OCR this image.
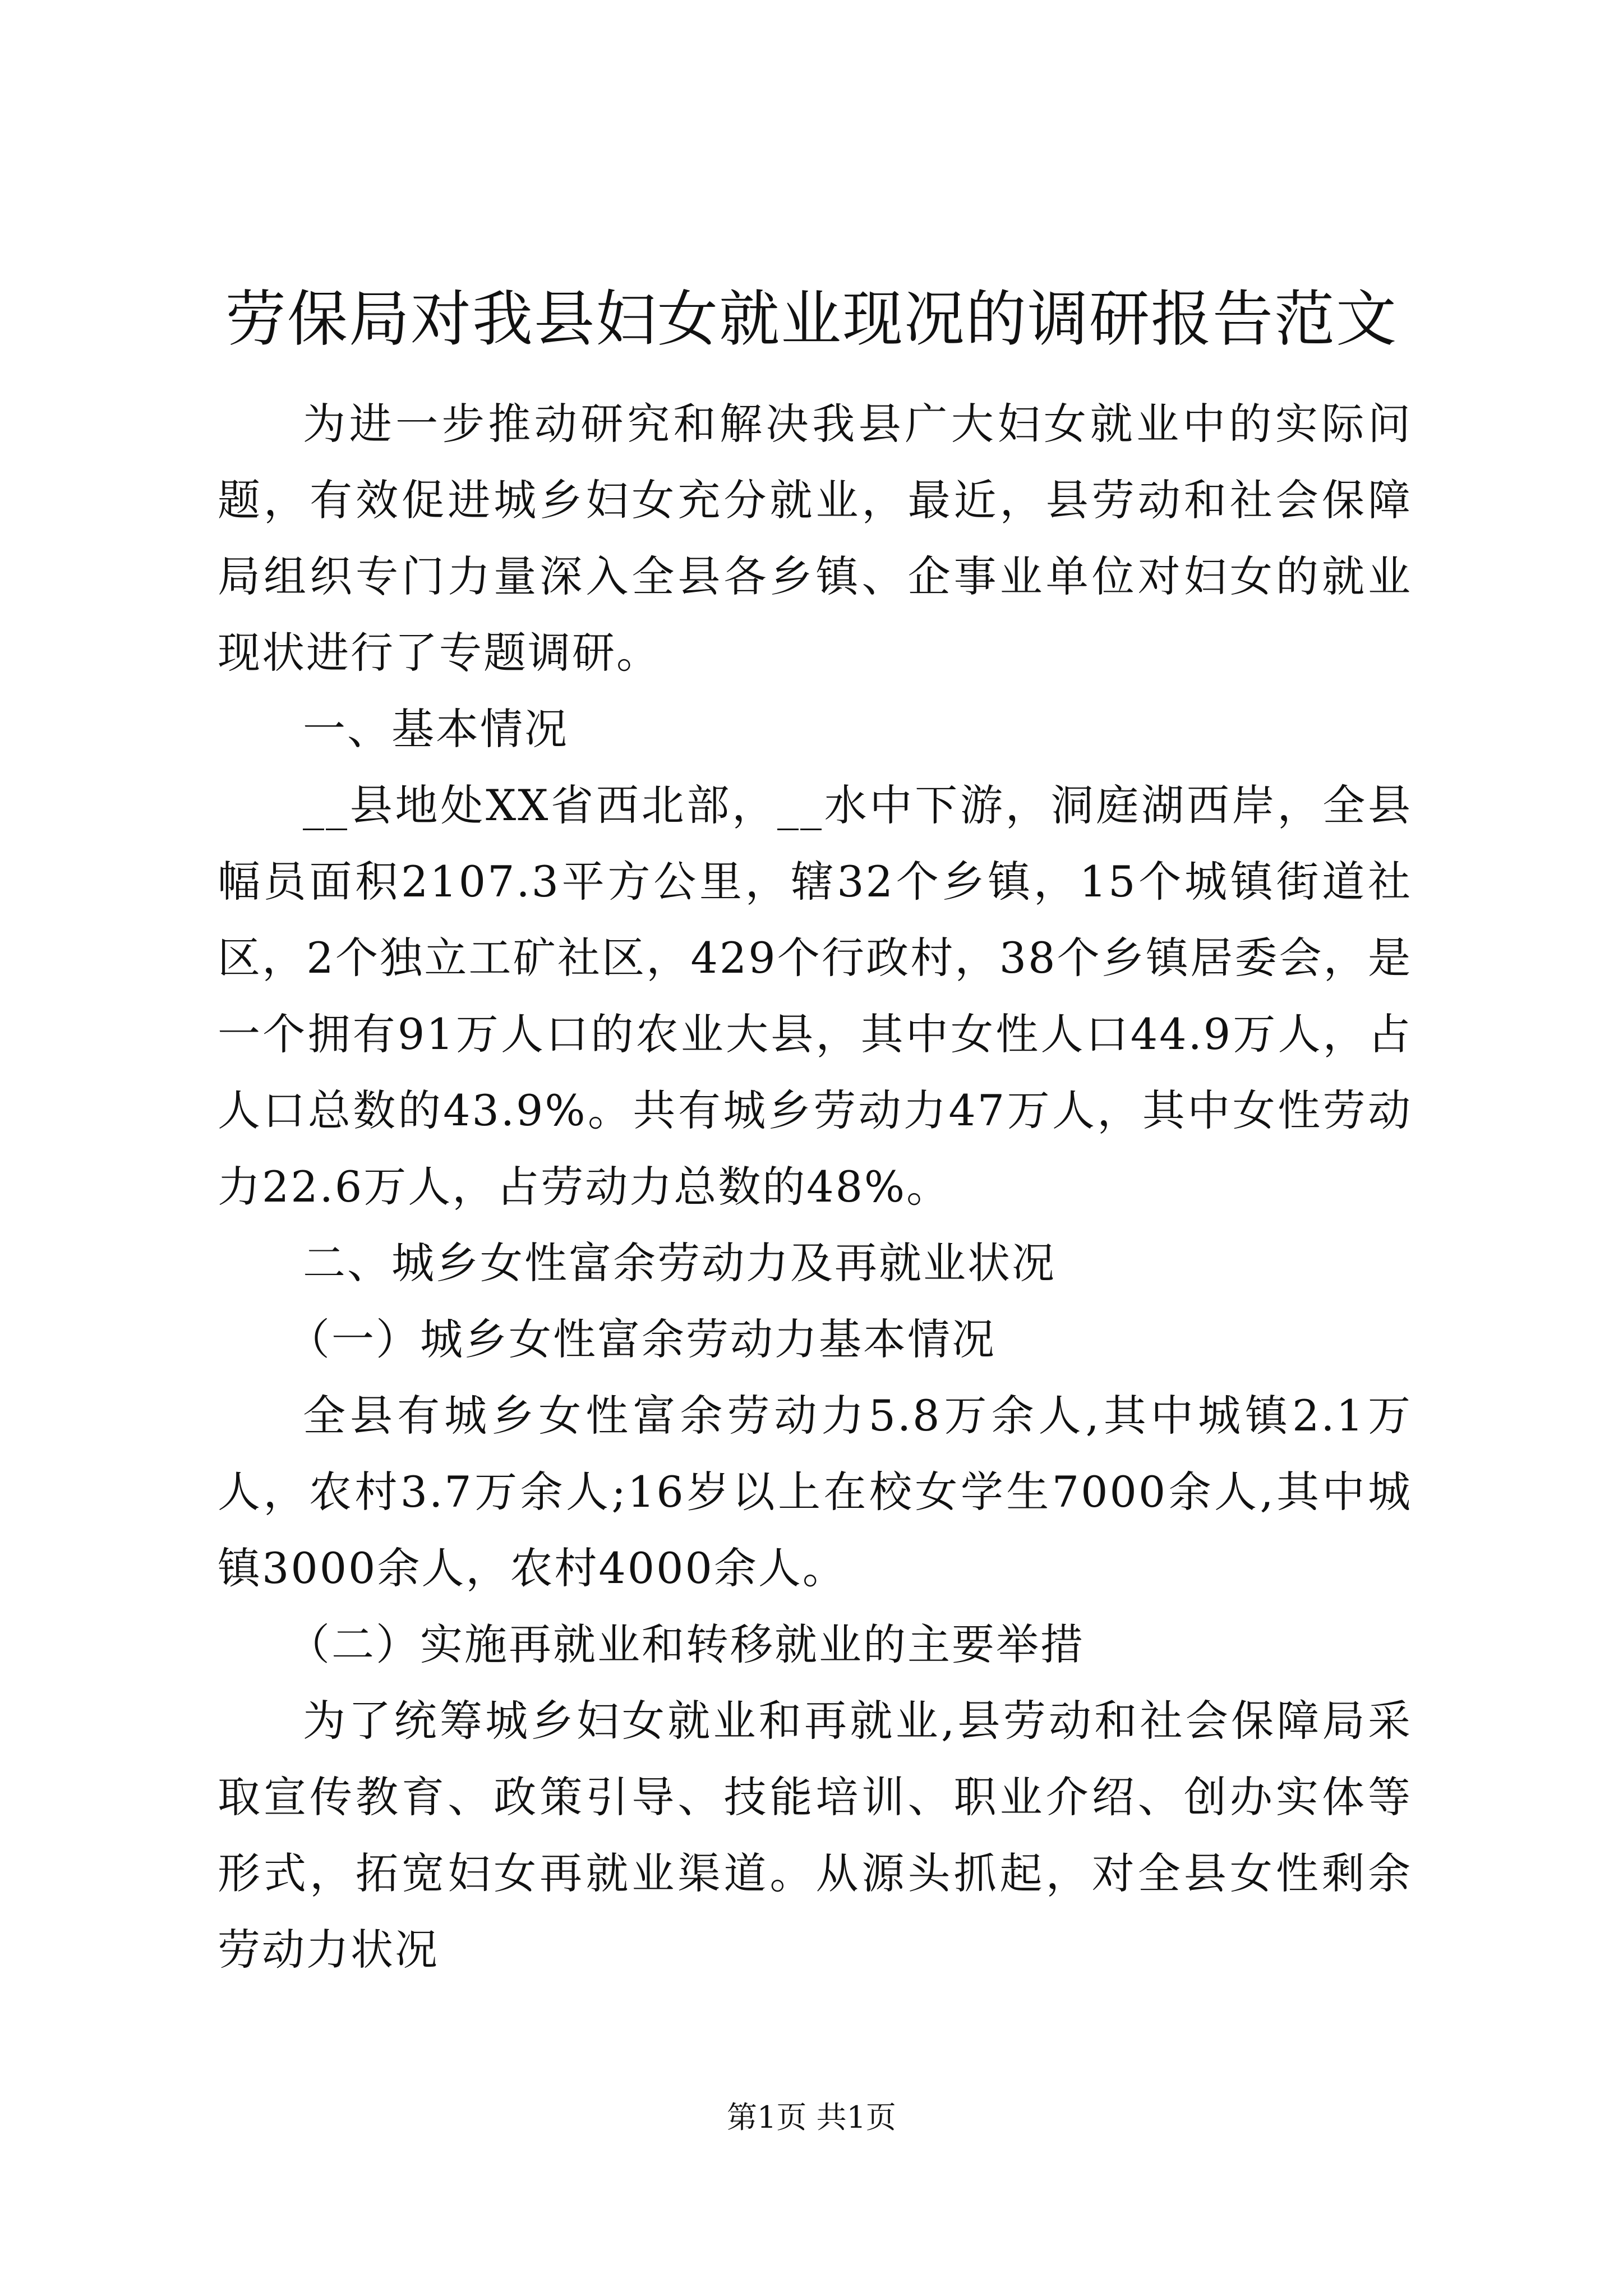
劳保局对我县妇女就业现况的调研报告范文

为进一步推动研究和解决我县广大妇女就业中的实际问题，有效促进城乡妇女充分就业，最近，县劳动和社会保障局组织专门力量深入全县各乡镇、企事业单位对妇女的就业现状进行了专题调研。

一、基本情况

__县地处XX省西北部，__水中下游，洞庭湖西岸，全县幅员面积2107.3平方公里，辖32个乡镇，15个城镇街道社区，2个独立工矿社区，429个行政村，38个乡镇居委会，是一个拥有91万人口的农业大县，其中女性人口44.9万人，占人口总数的43.9%。共有城乡劳动力47万人，其中女性劳动力22.6万人，占劳动力总数的48%。

二、城乡女性富余劳动力及再就业状况

（一）城乡女性富余劳动力基本情况

全县有城乡女性富余劳动力5.8万余人,其中城镇2.1万人，农村3.7万余人;16岁以上在校女学生7000余人,其中城镇3000余人，农村4000余人。

（二）实施再就业和转移就业的主要举措

为了统筹城乡妇女就业和再就业,县劳动和社会保障局采取宣传教育、政策引导、技能培训、职业介绍、创办实体等形式，拓宽妇女再就业渠道。从源头抓起，对全县女性剩余劳动力状况

第1页 共1页
